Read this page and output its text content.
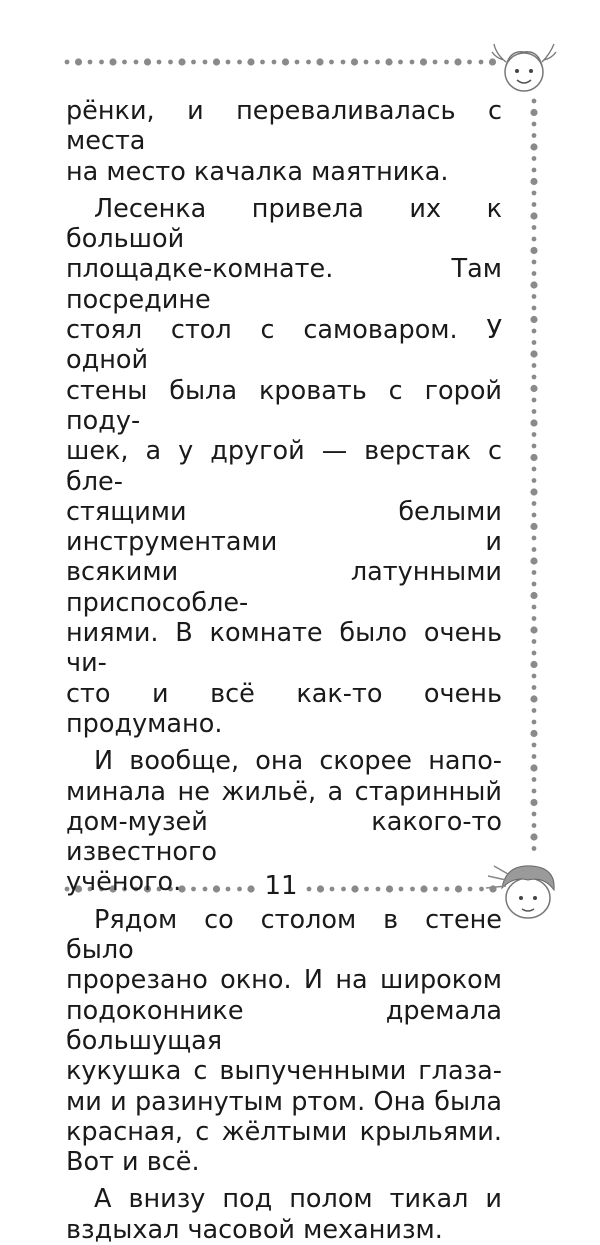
рёнки, и переваливалась с места

на место качалка маятника.

Лесенка привела их к большой

площадке-комнате. Там посредине

стоял стол с самоваром. У одной

стены была кровать с горой поду-

шек, а у другой — верстак с бле-

стящими белыми инструментами и

всякими латунными приспособле-

ниями. В комнате было очень чи-

сто и всё как-то очень продумано.

И вообще, она скорее напо-

минала не жильё, а старинный

дом-музей какого-то известного

учёного.

Рядом со столом в стене было

прорезано окно. И на широком

подоконнике дремала большущая

кукушка с выпученными глаза-

ми и разинутым ртом. Она была

красная, с жёлтыми крыльями.

Вот и всё.

А внизу под полом тикал и

вздыхал часовой механизм.

11
